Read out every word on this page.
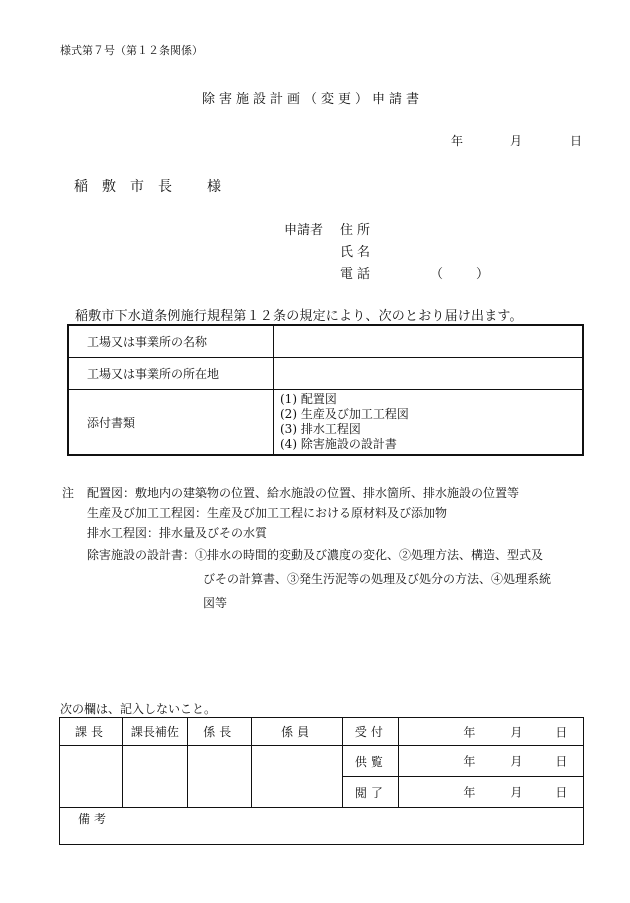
様式第７号（第１２条関係）
除害施設計画（変更）申請書
年	月	日
稲敷市長 様
申請者 住所
氏名
電話	（	）
稲敷市下水道条例施行規程第１２条の規定により、次のとおり届け出ます。
工場又は事業所の名称	
工場又は事業所の所在地	
添付書類	(1) 配置図
(2) 生産及び加工工程図
(3) 排水工程図
(4) 除害施設の設計書
注 配置図：敷地内の建築物の位置、給水施設の位置、排水箇所、排水施設の位置等
生産及び加工工程図：生産及び加工工程における原材料及び添加物
排水工程図：排水量及びその水質
除害施設の設計書：①排水の時間的変動及び濃度の変化、②処理方法、構造、型式及
びその計算書、③発生汚泥等の処理及び処分の方法、④処理系統
図等
次の欄は、記入しないこと。
課長	課長補佐	係長	係員	受付	年 月 日

				供覧	年 月 日

				閲了	年 月 日

備考					
